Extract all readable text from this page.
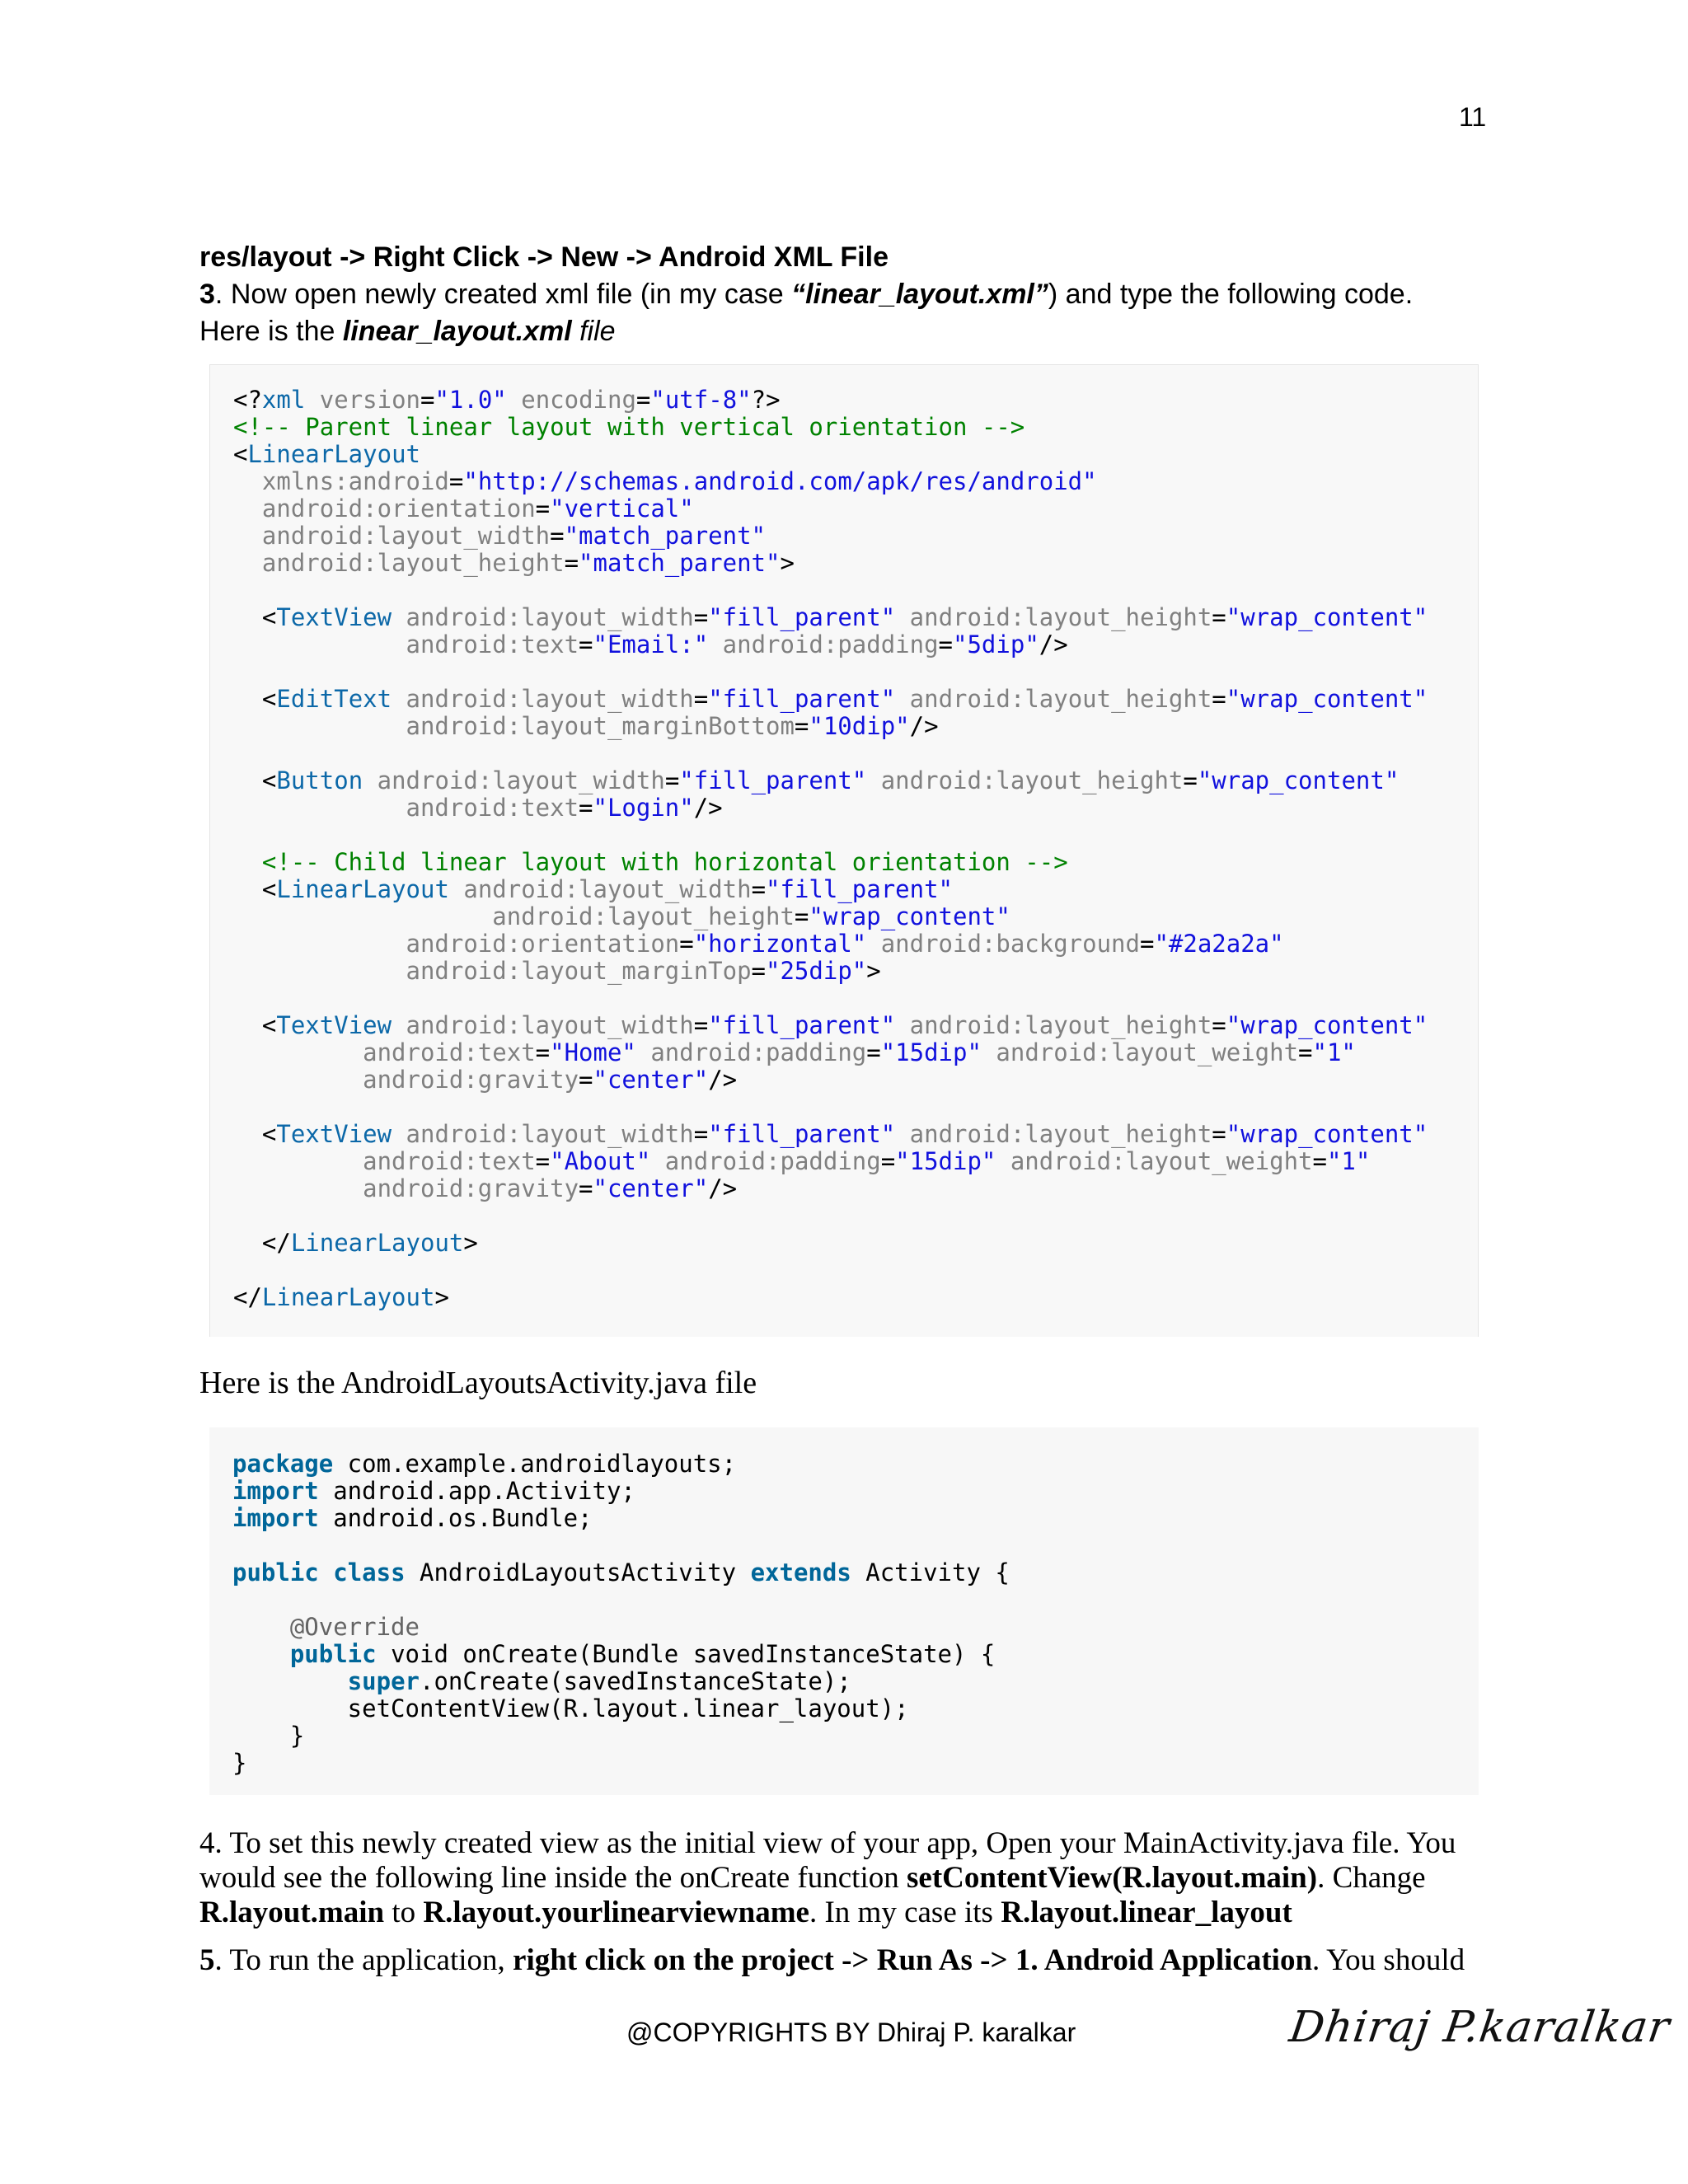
11

res/layout -> Right Click -> New -> Android XML File

3. Now open newly created xml file (in my case “linear_layout.xml”) and type the following code.

Here is the linear_layout.xml file

<?xml version="1.0" encoding="utf-8"?>
<!-- Parent linear layout with vertical orientation -->
<LinearLayout
xmlns:android="http://schemas.android.com/apk/res/android"
android:orientation="vertical"
android:layout_width="match_parent"
android:layout_height="match_parent">

<TextView android:layout_width="fill_parent" android:layout_height="wrap_content"
android:text="Email:" android:padding="5dip"/>

<EditText android:layout_width="fill_parent" android:layout_height="wrap_content"
android:layout_marginBottom="10dip"/>

<Button android:layout_width="fill_parent" android:layout_height="wrap_content"
android:text="Login"/>

<!-- Child linear layout with horizontal orientation -->
<LinearLayout android:layout_width="fill_parent"
android:layout_height="wrap_content"
android:orientation="horizontal" android:background="#2a2a2a"
android:layout_marginTop="25dip">

<TextView android:layout_width="fill_parent" android:layout_height="wrap_content"
android:text="Home" android:padding="15dip" android:layout_weight="1"
android:gravity="center"/>

<TextView android:layout_width="fill_parent" android:layout_height="wrap_content"
android:text="About" android:padding="15dip" android:layout_weight="1"
android:gravity="center"/>

</LinearLayout>

</LinearLayout>
Here is the AndroidLayoutsActivity.java file
package com.example.androidlayouts;
import android.app.Activity;
import android.os.Bundle;

public class AndroidLayoutsActivity extends Activity {

@Override
public void onCreate(Bundle savedInstanceState) {
super.onCreate(savedInstanceState);
setContentView(R.layout.linear_layout);
}
}

4. To set this newly created view as the initial view of your app, Open your MainActivity.java file. You

would see the following line inside the onCreate function setContentView(R.layout.main). Change

R.layout.main to R.layout.yourlinearviewname. In my case its R.layout.linear_layout

5. To run the application, right click on the project -> Run As -> 1. Android Application. You should

@COPYRIGHTS BY Dhiraj P. karalkar	Dhiraj P.karalkar
